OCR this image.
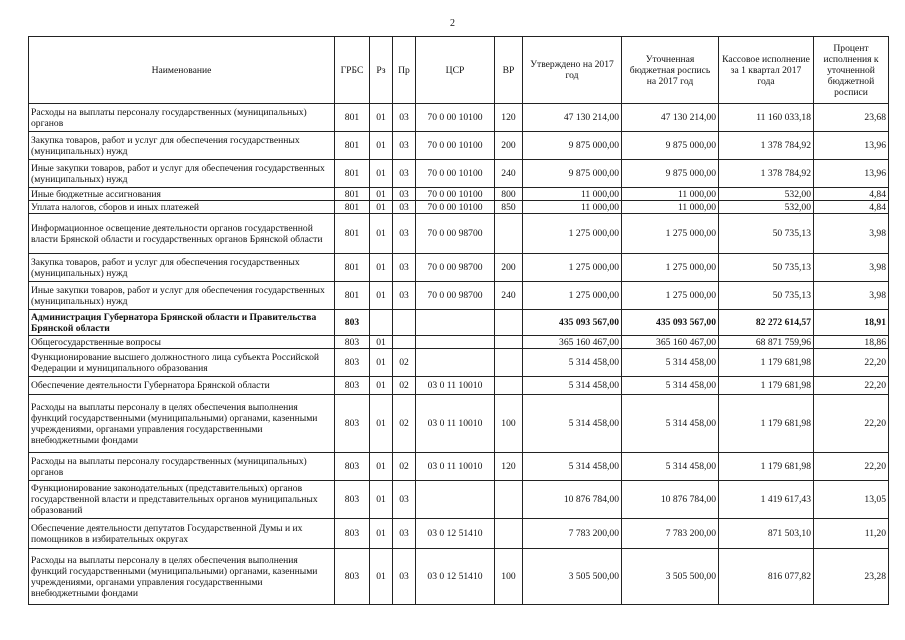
2
Наименование	ГРБС	Рз	Пр	ЦСР	ВР	Утверждено на 2017 год	Уточненная бюджетная роспись на 2017 год	Кассовое исполнение за 1 квартал 2017 года	Процент исполнения к уточненной бюджетной росписи
Расходы на выплаты персоналу государственных (муниципальных) органов	801	01	03	70 0 00 10100	120	47 130 214,00	47 130 214,00	11 160 033,18	23,68
Закупка товаров, работ и услуг для обеспечения государственных (муниципальных) нужд	801	01	03	70 0 00 10100	200	9 875 000,00	9 875 000,00	1 378 784,92	13,96
Иные закупки товаров, работ и услуг для обеспечения государственных (муниципальных) нужд	801	01	03	70 0 00 10100	240	9 875 000,00	9 875 000,00	1 378 784,92	13,96
Иные бюджетные ассигнования	801	01	03	70 0 00 10100	800	11 000,00	11 000,00	532,00	4,84
Уплата налогов, сборов и иных платежей	801	01	03	70 0 00 10100	850	11 000,00	11 000,00	532,00	4,84
Информационное освещение деятельности органов государственной власти Брянской области и государственных органов Брянской области	801	01	03	70 0 00 98700		1 275 000,00	1 275 000,00	50 735,13	3,98
Закупка товаров, работ и услуг для обеспечения государственных (муниципальных) нужд	801	01	03	70 0 00 98700	200	1 275 000,00	1 275 000,00	50 735,13	3,98
Иные закупки товаров, работ и услуг для обеспечения государственных (муниципальных) нужд	801	01	03	70 0 00 98700	240	1 275 000,00	1 275 000,00	50 735,13	3,98
Администрация Губернатора Брянской области и Правительства Брянской области	803					435 093 567,00	435 093 567,00	82 272 614,57	18,91
Общегосударственные вопросы	803	01				365 160 467,00	365 160 467,00	68 871 759,96	18,86
Функционирование высшего должностного лица субъекта Российской Федерации и муниципального образования	803	01	02			5 314 458,00	5 314 458,00	1 179 681,98	22,20
Обеспечение деятельности Губернатора Брянской области	803	01	02	03 0 11 10010		5 314 458,00	5 314 458,00	1 179 681,98	22,20
Расходы на выплаты персоналу в целях обеспечения выполнения функций государственными (муниципальными) органами, казенными учреждениями, органами управления государственными внебюджетными фондами	803	01	02	03 0 11 10010	100	5 314 458,00	5 314 458,00	1 179 681,98	22,20
Расходы на выплаты персоналу государственных (муниципальных) органов	803	01	02	03 0 11 10010	120	5 314 458,00	5 314 458,00	1 179 681,98	22,20
Функционирование законодательных (представительных) органов государственной власти и представительных органов муниципальных образований	803	01	03			10 876 784,00	10 876 784,00	1 419 617,43	13,05
Обеспечение деятельности депутатов Государственной Думы и их помощников в избирательных округах	803	01	03	03 0 12 51410		7 783 200,00	7 783 200,00	871 503,10	11,20
Расходы на выплаты персоналу в целях обеспечения выполнения функций государственными (муниципальными) органами, казенными учреждениями, органами управления государственными внебюджетными фондами	803	01	03	03 0 12 51410	100	3 505 500,00	3 505 500,00	816 077,82	23,28
